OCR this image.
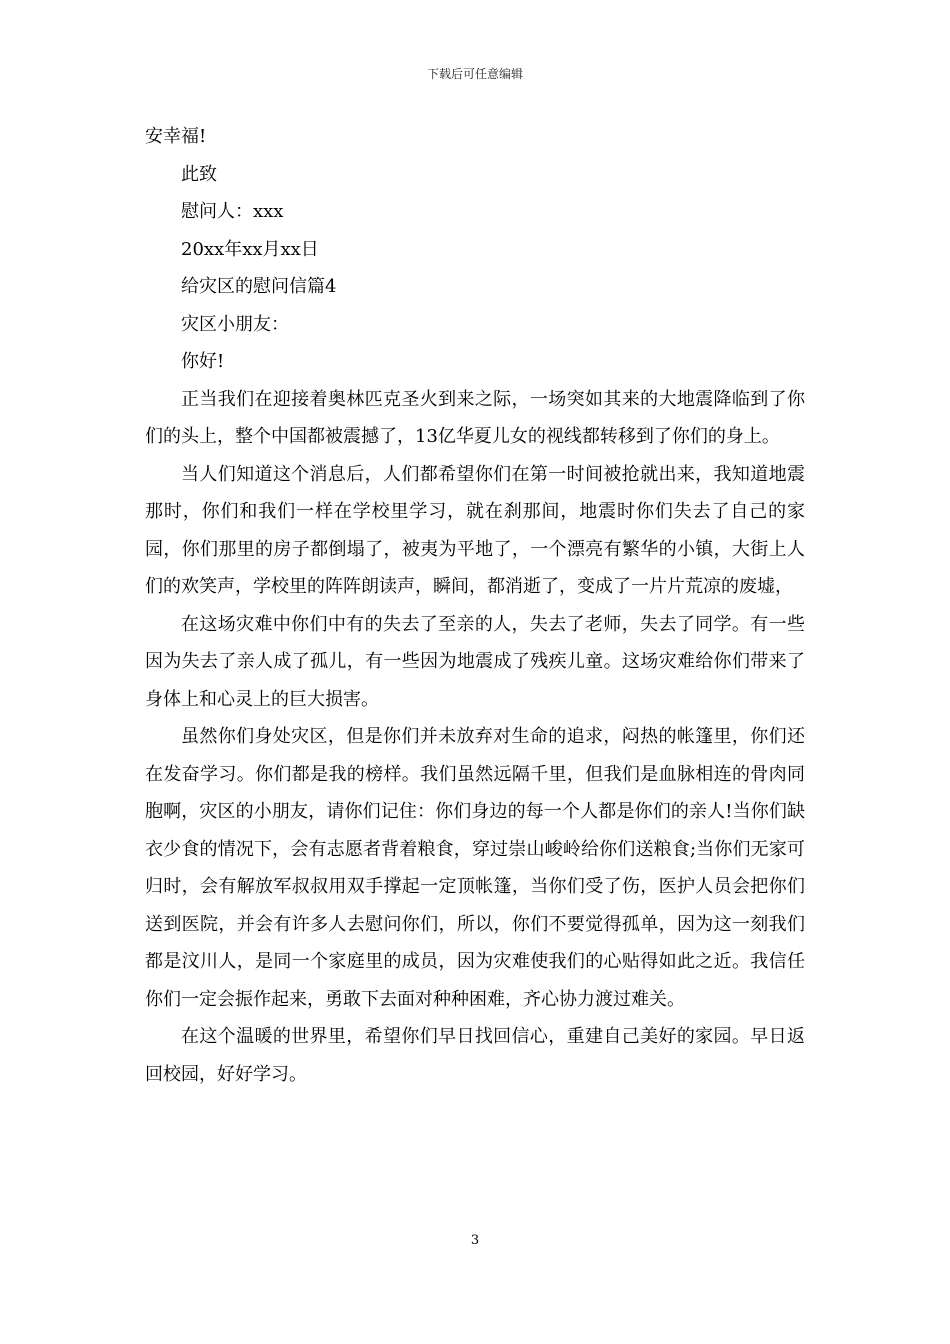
下载后可任意编辑
安幸福!
此致
慰问人：xxx
20xx年xx月xx日
给灾区的慰问信篇4
灾区小朋友：
你好!

正当我们在迎接着奥林匹克圣火到来之际，一场突如其来的大地震降临到了你们的头上，整个中国都被震撼了，13亿华夏儿女的视线都转移到了你们的身上。

当人们知道这个消息后，人们都希望你们在第一时间被抢就出来，我知道地震那时，你们和我们一样在学校里学习，就在刹那间，地震时你们失去了自己的家园，你们那里的房子都倒塌了，被夷为平地了，一个漂亮有繁华的小镇，大街上人们的欢笑声，学校里的阵阵朗读声，瞬间，都消逝了，变成了一片片荒凉的废墟，

在这场灾难中你们中有的失去了至亲的人，失去了老师，失去了同学。有一些因为失去了亲人成了孤儿，有一些因为地震成了残疾儿童。这场灾难给你们带来了身体上和心灵上的巨大损害。

虽然你们身处灾区，但是你们并未放弃对生命的追求，闷热的帐篷里，你们还在发奋学习。你们都是我的榜样。我们虽然远隔千里，但我们是血脉相连的骨肉同胞啊，灾区的小朋友，请你们记住：你们身边的每一个人都是你们的亲人!当你们缺衣少食的情况下，会有志愿者背着粮食，穿过崇山峻岭给你们送粮食;当你们无家可归时，会有解放军叔叔用双手撑起一定顶帐篷，当你们受了伤，医护人员会把你们送到医院，并会有许多人去慰问你们，所以，你们不要觉得孤单，因为这一刻我们都是汶川人，是同一个家庭里的成员，因为灾难使我们的心贴得如此之近。我信任你们一定会振作起来，勇敢下去面对种种困难，齐心协力渡过难关。

在这个温暖的世界里，希望你们早日找回信心，重建自己美好的家园。早日返回校园，好好学习。

3
